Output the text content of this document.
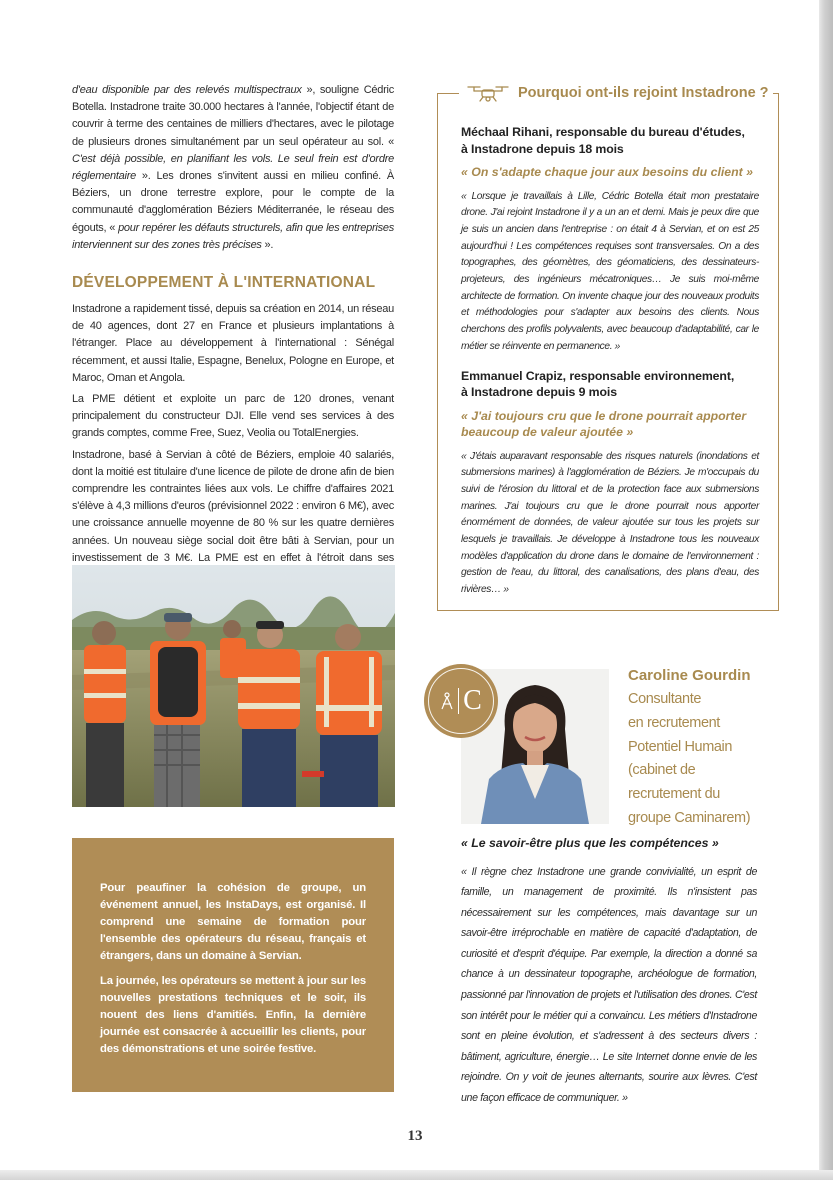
d'eau disponible par des relevés multispectraux », souligne Cédric Botella. Instadrone traite 30.000 hectares à l'année, l'objectif étant de couvrir à terme des centaines de milliers d'hectares, avec le pilotage de plusieurs drones simultanément par un seul opérateur au sol. « C'est déjà possible, en planifiant les vols. Le seul frein est d'ordre réglementaire ». Les drones s'invitent aussi en milieu confiné. À Béziers, un drone terrestre explore, pour le compte de la communauté d'agglomération Béziers Méditerranée, le réseau des égouts, « pour repérer les défauts structurels, afin que les entreprises interviennent sur des zones très précises ».

DÉVELOPPEMENT À L'INTERNATIONAL

Instadrone a rapidement tissé, depuis sa création en 2014, un réseau de 40 agences, dont 27 en France et plusieurs implantations à l'étranger. Place au développement à l'international : Sénégal récemment, et aussi Italie, Espagne, Benelux, Pologne en Europe, et Maroc, Oman et Angola.

La PME détient et exploite un parc de 120 drones, venant principalement du constructeur DJI. Elle vend ses services à des grands comptes, comme Free, Suez, Veolia ou TotalEnergies.

Instadrone, basé à Servian à côté de Béziers, emploie 40 salariés, dont la moitié est titulaire d'une licence de pilote de drone afin de bien comprendre les contraintes liées aux vols. Le chiffre d'affaires 2021 s'élève à 4,3 millions d'euros (prévisionnel 2022 : environ 6 M€), avec une croissance annuelle moyenne de 80 % sur les quatre dernières années. Un nouveau siège social doit être bâti à Servian, pour un investissement de 3 M€. La PME est en effet à l'étroit dans ses

Pour peaufiner la cohésion de groupe, un événement annuel, les InstaDays, est organisé. Il comprend une semaine de formation pour l'ensemble des opérateurs du réseau, français et étrangers, dans un domaine à Servian.

La journée, les opérateurs se mettent à jour sur les nouvelles prestations techniques et le soir, ils nouent des liens d'amitiés. Enfin, la dernière journée est consacrée à accueillir les clients, pour des démonstrations et une soirée festive.

Pourquoi ont-ils rejoint Instadrone ?
Méchaal Rihani, responsable du bureau d'études,
à Instadrone depuis 18 mois
« On s'adapte chaque jour aux besoins du client »
« Lorsque je travaillais à Lille, Cédric Botella était mon prestataire drone. J'ai rejoint Instadrone il y a un an et demi. Mais je peux dire que je suis un ancien dans l'entreprise : on était 4 à Servian, et on est 25 aujourd'hui ! Les compétences requises sont transversales. On a des topographes, des géomètres, des géomaticiens, des dessinateurs-projeteurs, des ingénieurs mécatroniques… Je suis moi-même architecte de formation. On invente chaque jour des nouveaux produits et méthodologies pour s'adapter aux besoins des clients. Nous cherchons des profils polyvalents, avec beaucoup d'adaptabilité, car le métier se réinvente en permanence. »
Emmanuel Crapiz, responsable environnement,
à Instadrone depuis 9 mois
« J'ai toujours cru que le drone pourrait apporter beaucoup de valeur ajoutée »
« J'étais auparavant responsable des risques naturels (inondations et submersions marines) à l'agglomération de Béziers. Je m'occupais du suivi de l'érosion du littoral et de la protection face aux submersions marines. J'ai toujours cru que le drone pourrait nous apporter énormément de données, de valeur ajoutée sur tous les projets sur lesquels je travaillais. Je développe à Instadrone tous les nouveaux modèles d'application du drone dans le domaine de l'environnement : gestion de l'eau, du littoral, des canalisations, des plans d'eau, des rivières… »
C
Caroline Gourdin
Consultante
en recrutement
Potentiel Humain
(cabinet de
recrutement du
groupe Caminarem)
« Le savoir-être plus que les compétences »
« Il règne chez Instadrone une grande convivialité, un esprit de famille, un management de proximité. Ils n'insistent pas nécessairement sur les compétences, mais davantage sur un savoir-être irréprochable en matière de capacité d'adaptation, de curiosité et d'esprit d'équipe. Par exemple, la direction a donné sa chance à un dessinateur topographe, archéologue de formation, passionné par l'innovation de projets et l'utilisation des drones. C'est son intérêt pour le métier qui a convaincu. Les métiers d'Instadrone sont en pleine évolution, et s'adressent à des secteurs divers : bâtiment, agriculture, énergie… Le site Internet donne envie de les rejoindre. On y voit de jeunes alternants, sourire aux lèvres. C'est une façon efficace de communiquer. »
13
